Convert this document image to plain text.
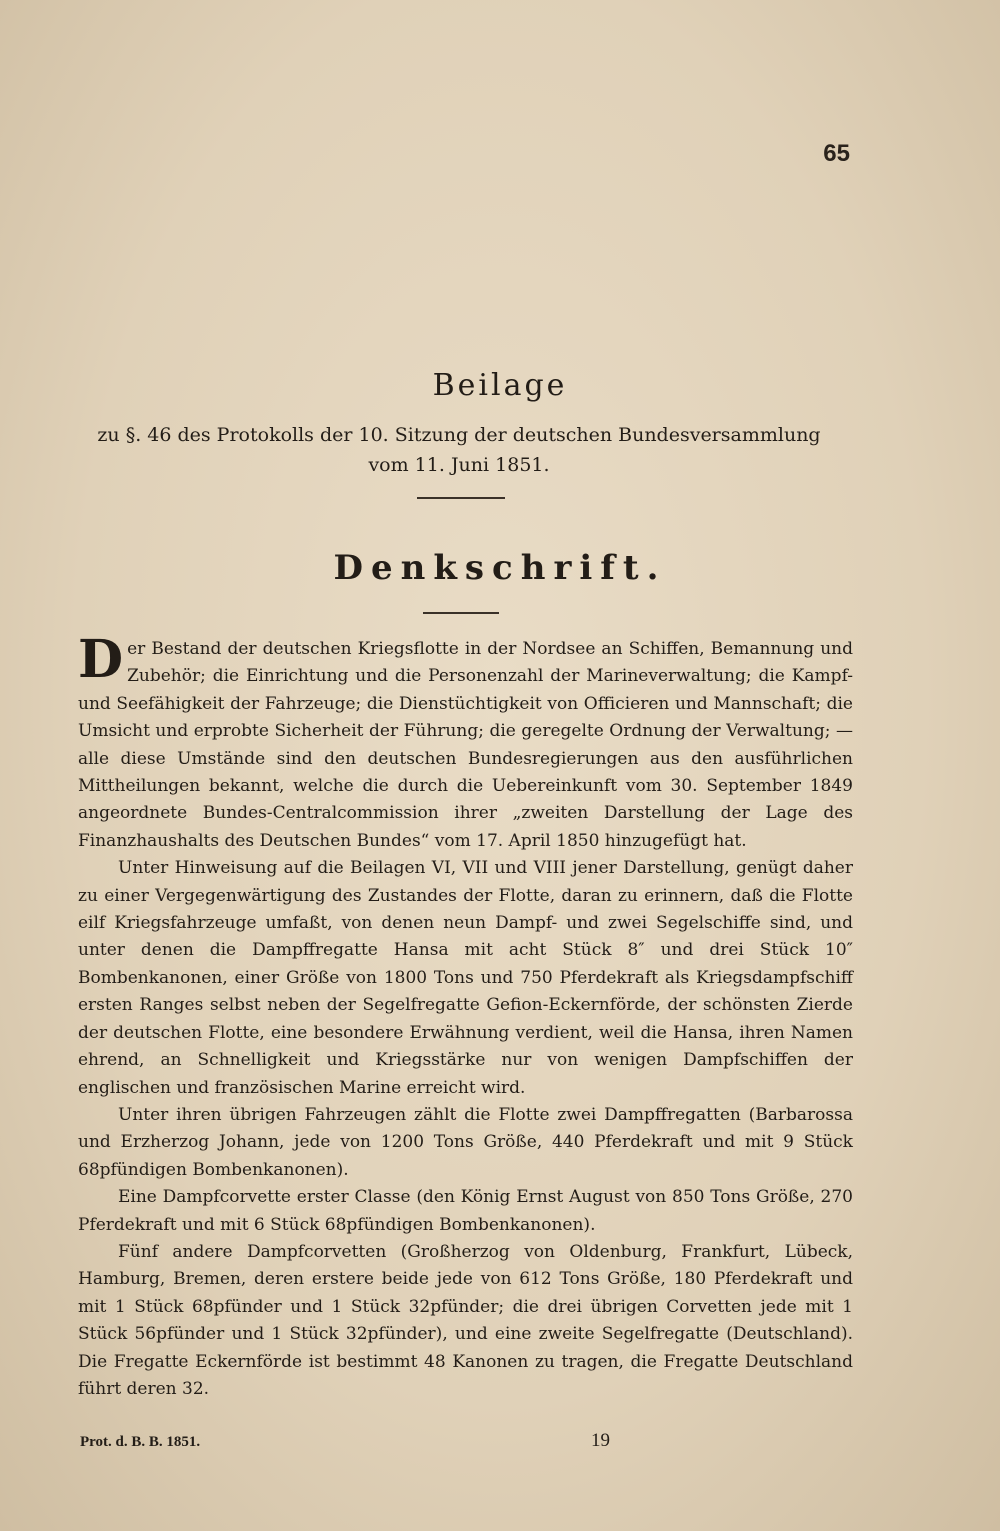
65
Beilage
zu §. 46 des Protokolls der 10. Sitzung der deutschen Bundesversammlung
vom 11. Juni 1851.
Denkschrift.

Der Bestand der deutschen Kriegsflotte in der Nordsee an Schiffen, Bemannung und Zubehör; die Einrichtung und die Personenzahl der Marineverwaltung; die Kampf- und Seefähigkeit der Fahrzeuge; die Dienstüchtigkeit von Officieren und Mannschaft; die Umsicht und erprobte Sicherheit der Führung; die geregelte Ordnung der Verwaltung; — alle diese Umstände sind den deutschen Bundesregierungen aus den ausführlichen Mittheilungen bekannt, welche die durch die Uebereinkunft vom 30. September 1849 angeordnete Bundes-Centralcommission ihrer „zweiten Darstellung der Lage des Finanzhaushalts des Deutschen Bundes“ vom 17. April 1850 hinzugefügt hat.

Unter Hinweisung auf die Beilagen VI, VII und VIII jener Darstellung, genügt daher zu einer Vergegenwärtigung des Zustandes der Flotte, daran zu erinnern, daß die Flotte eilf Kriegsfahrzeuge umfaßt, von denen neun Dampf- und zwei Segelschiffe sind, und unter denen die Dampffregatte Hansa mit acht Stück 8″ und drei Stück 10″ Bombenkanonen, einer Größe von 1800 Tons und 750 Pferdekraft als Kriegsdampfschiff ersten Ranges selbst neben der Segelfregatte Gefion-Eckernförde, der schönsten Zierde der deutschen Flotte, eine besondere Erwähnung verdient, weil die Hansa, ihren Namen ehrend, an Schnelligkeit und Kriegsstärke nur von wenigen Dampfschiffen der englischen und französischen Marine erreicht wird.

Unter ihren übrigen Fahrzeugen zählt die Flotte zwei Dampffregatten (Barbarossa und Erzherzog Johann, jede von 1200 Tons Größe, 440 Pferdekraft und mit 9 Stück 68pfündigen Bombenkanonen).

Eine Dampfcorvette erster Classe (den König Ernst August von 850 Tons Größe, 270 Pferdekraft und mit 6 Stück 68pfündigen Bombenkanonen).

Fünf andere Dampfcorvetten (Großherzog von Oldenburg, Frankfurt, Lübeck, Hamburg, Bremen, deren erstere beide jede von 612 Tons Größe, 180 Pferdekraft und mit 1 Stück 68pfünder und 1 Stück 32pfünder; die drei übrigen Corvetten jede mit 1 Stück 56pfünder und 1 Stück 32pfünder), und eine zweite Segelfregatte (Deutschland). Die Fregatte Eckernförde ist bestimmt 48 Kanonen zu tragen, die Fregatte Deutschland führt deren 32.

Prot. d. B. B. 1851.	19
